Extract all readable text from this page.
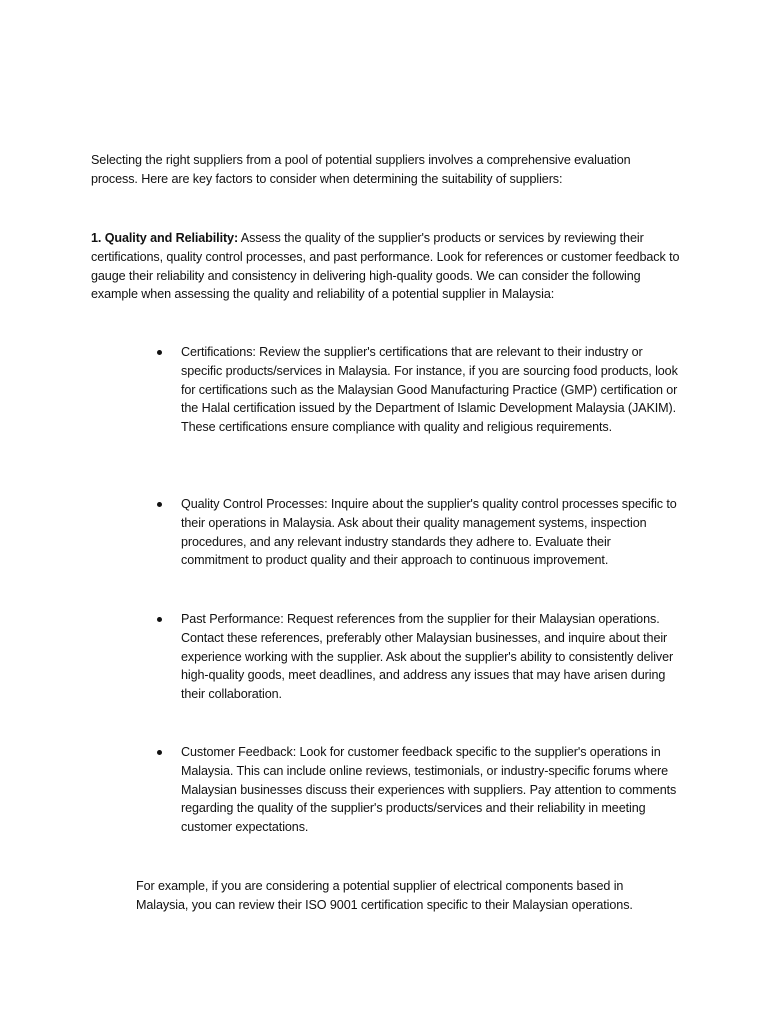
Selecting the right suppliers from a pool of potential suppliers involves a comprehensive evaluation process. Here are key factors to consider when determining the suitability of suppliers:

1. Quality and Reliability: Assess the quality of the supplier's products or services by reviewing their certifications, quality control processes, and past performance. Look for references or customer feedback to gauge their reliability and consistency in delivering high-quality goods. We can consider the following example when assessing the quality and reliability of a potential supplier in Malaysia:

Certifications: Review the supplier's certifications that are relevant to their industry or specific products/services in Malaysia. For instance, if you are sourcing food products, look for certifications such as the Malaysian Good Manufacturing Practice (GMP) certification or the Halal certification issued by the Department of Islamic Development Malaysia (JAKIM). These certifications ensure compliance with quality and religious requirements.

Quality Control Processes: Inquire about the supplier's quality control processes specific to their operations in Malaysia. Ask about their quality management systems, inspection procedures, and any relevant industry standards they adhere to. Evaluate their commitment to product quality and their approach to continuous improvement.

Past Performance: Request references from the supplier for their Malaysian operations. Contact these references, preferably other Malaysian businesses, and inquire about their experience working with the supplier. Ask about the supplier's ability to consistently deliver high-quality goods, meet deadlines, and address any issues that may have arisen during their collaboration.

Customer Feedback: Look for customer feedback specific to the supplier's operations in Malaysia. This can include online reviews, testimonials, or industry-specific forums where Malaysian businesses discuss their experiences with suppliers. Pay attention to comments regarding the quality of the supplier's products/services and their reliability in meeting customer expectations.

For example, if you are considering a potential supplier of electrical components based in Malaysia, you can review their ISO 9001 certification specific to their Malaysian operations.
